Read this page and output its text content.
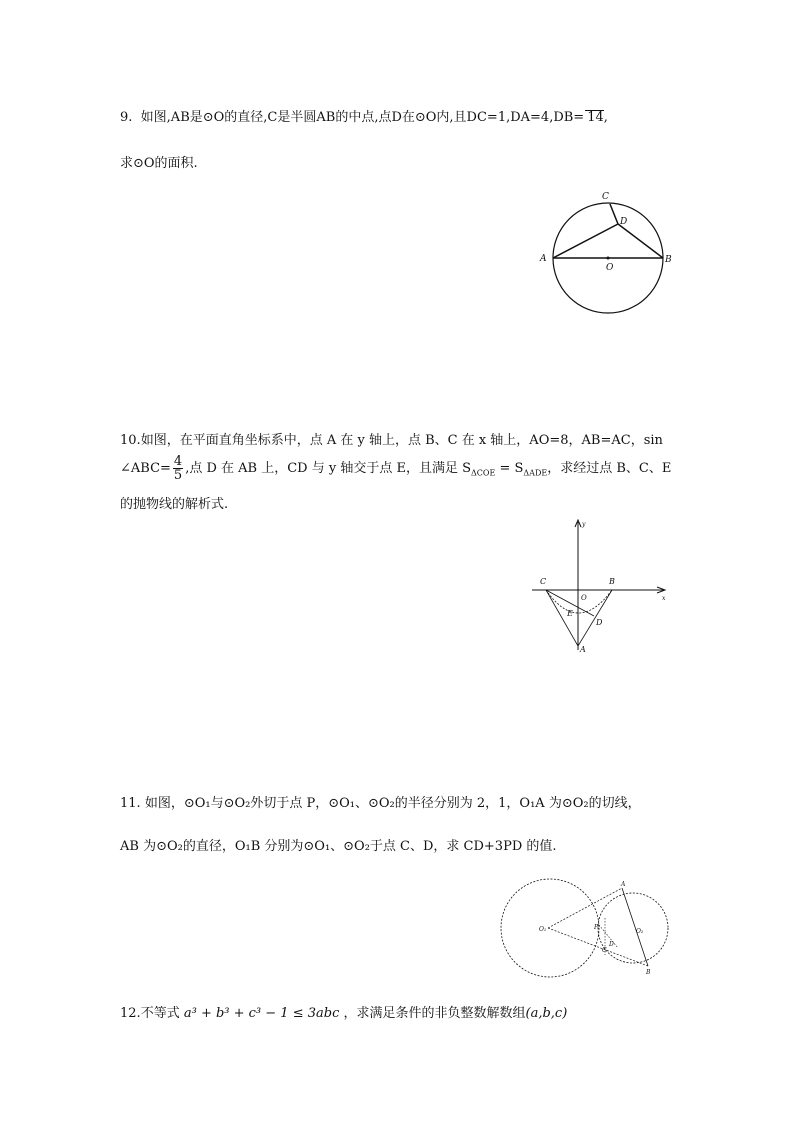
9. 如图,AB是⊙O的直径,C是半圆AB的中点,点D在⊙O内,且DC=1,DA=4,DB= 14,
求⊙O的面积.
C
D
A	B
O
10.如图，在平面直角坐标系中，点 A 在 y 轴上，点 B、C 在 x 轴上，AO=8，AB=AC，sin
∠ABC= $\frac{4}{5}$ ,点 D 在 AB 上，CD 与 y 轴交于点 E，且满足 $S_{\Delta COE} = S_{\Delta ADE}$，求经过点 B、C、E
的抛物线的解析式.
C	B
O
E
D
A
x
y
11. 如图，⊙O₁与⊙O₂外切于点 P，⊙O₁、⊙O₂的半径分别为 2，1，O₁A 为⊙O₂的切线，
AB 为⊙O₂的直径，O₁B 分别为⊙O₁、⊙O₂于点 C、D，求 CD+3PD 的值.
O₁	O₂
A
B
P
C
D
12.不等式 a³ + b³ + c³ − 1 ≤ 3abc ，求满足条件的非负整数解数组(a,b,c)
